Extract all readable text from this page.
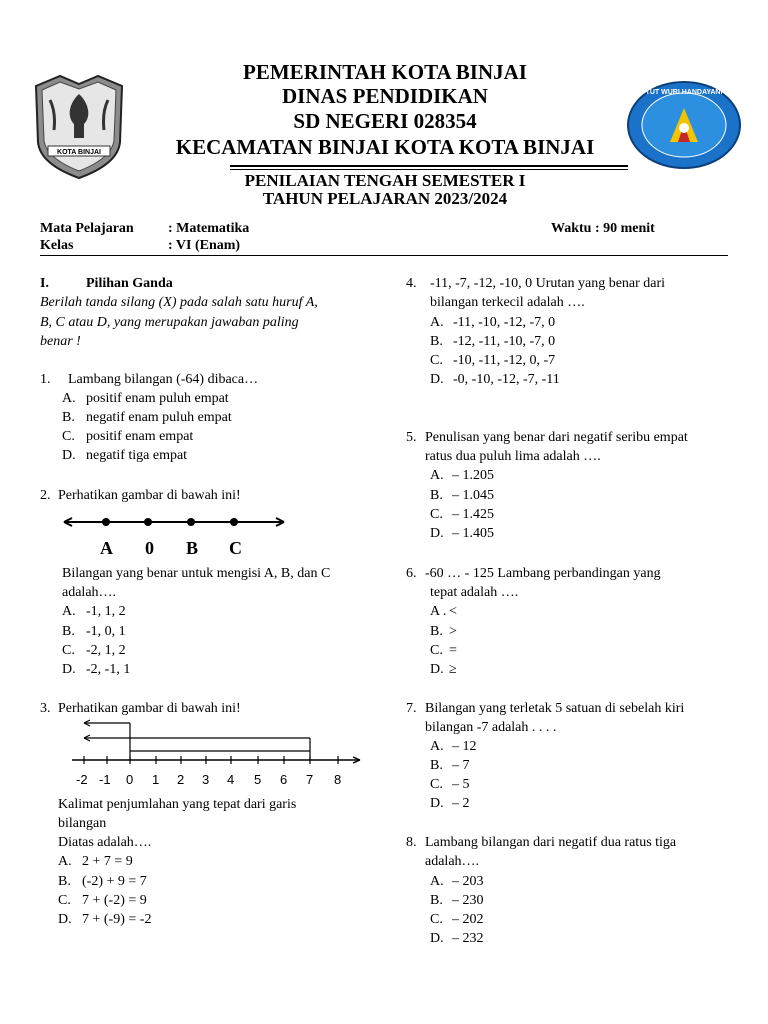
KOTA BINJAI
TUT WURI HANDAYANI
PEMERINTAH KOTA BINJAI
DINAS PENDIDIKAN
SD NEGERI 028354
KECAMATAN BINJAI KOTA KOTA BINJAI
PENILAIAN TENGAH SEMESTER I
TAHUN PELAJARAN 2023/2024
Mata Pelajaran : Matematika	Waktu : 90 menit
Kelas	: VI (Enam)
I.	Pilihan Ganda
Berilah tanda silang (X) pada salah satu huruf A,
B, C atau D, yang merupakan jawaban paling
benar !
1. Lambang bilangan (-64) dibaca…
A. positif enam puluh empat
B. negatif enam puluh empat
C. positif enam empat
D. negatif tiga empat
2. Perhatikan gambar di bawah ini!
A 0 B C
Bilangan yang benar untuk mengisi A, B, dan C
adalah….
A. -1, 1, 2
B. -1, 0, 1
C. -2, 1, 2
D. -2, -1, 1
3. Perhatikan gambar di bawah ini!
-2 -1 0 1 2 3 4 5 6 7 8
Kalimat penjumlahan yang tepat dari garis
bilangan
Diatas adalah….
A. 2 + 7 = 9
B. (-2) + 9 = 7
C. 7 + (-2) = 9
D. 7 + (-9) = -2
4. -11, -7, -12, -10, 0 Urutan yang benar dari
bilangan terkecil adalah ….
A. -11, -10, -12, -7, 0
B. -12, -11, -10, -7, 0
C. -10, -11, -12, 0, -7
D. -0, -10, -12, -7, -11
5. Penulisan yang benar dari negatif seribu empat
ratus dua puluh lima adalah ….
A. – 1.205
B. – 1.045
C. – 1.425
D. – 1.405
6. -60 … - 125 Lambang perbandingan yang
tepat adalah ….
A . <
B. >
C. =
D. ≥
7. Bilangan yang terletak 5 satuan di sebelah kiri
bilangan -7 adalah . . . .
A. – 12
B. – 7
C. – 5
D. – 2
8. Lambang bilangan dari negatif dua ratus tiga
adalah….
A. – 203
B. – 230
C. – 202
D. – 232
